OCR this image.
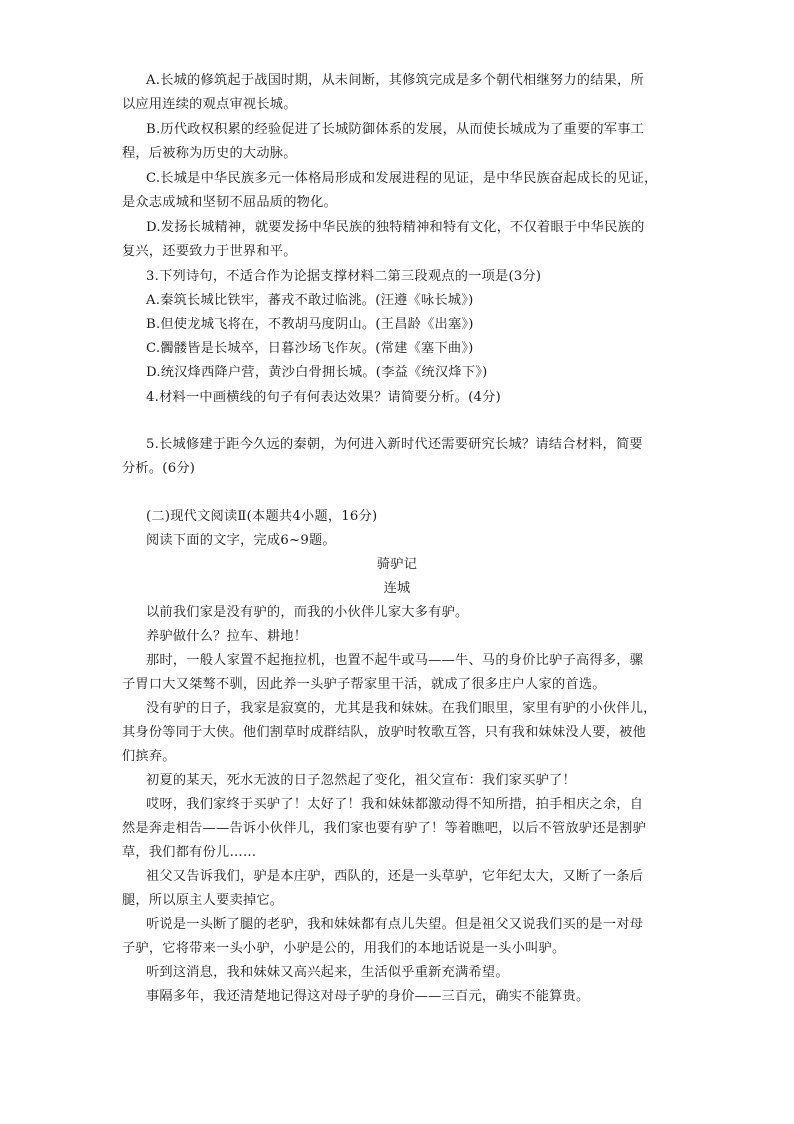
A.长城的修筑起于战国时期，从未间断，其修筑完成是多个朝代相继努力的结果，所
以应用连续的观点审视长城。
B.历代政权积累的经验促进了长城防御体系的发展，从而使长城成为了重要的军事工
程，后被称为历史的大动脉。
C.长城是中华民族多元一体格局形成和发展进程的见证，是中华民族奋起成长的见证，
是众志成城和坚韧不屈品质的物化。
D.发扬长城精神，就要发扬中华民族的独特精神和特有文化，不仅着眼于中华民族的
复兴，还要致力于世界和平。
3.下列诗句，不适合作为论据支撑材料二第三段观点的一项是(3分)
A.秦筑长城比铁牢，蕃戎不敢过临洮。(汪遵《咏长城》)
B.但使龙城飞将在，不教胡马度阴山。(王昌龄《出塞》)
C.髑髅皆是长城卒，日暮沙场飞作灰。(常建《塞下曲》)
D.统汉烽西降户营，黄沙白骨拥长城。(李益《统汉烽下》)
4.材料一中画横线的句子有何表达效果？请简要分析。(4分)
5.长城修建于距今久远的秦朝，为何进入新时代还需要研究长城？请结合材料，简要
分析。(6分)
(二)现代文阅读Ⅱ(本题共4小题，16分)
阅读下面的文字，完成6~9题。
骑驴记
连城
以前我们家是没有驴的，而我的小伙伴儿家大多有驴。
养驴做什么？拉车、耕地！
那时，一般人家置不起拖拉机，也置不起牛或马——牛、马的身价比驴子高得多，骡
子胃口大又桀骜不驯，因此养一头驴子帮家里干活，就成了很多庄户人家的首选。
没有驴的日子，我家是寂寞的，尤其是我和妹妹。在我们眼里，家里有驴的小伙伴儿，
其身份等同于大侠。他们割草时成群结队，放驴时牧歌互答，只有我和妹妹没人要，被他
们摈弃。
初夏的某天，死水无波的日子忽然起了变化，祖父宣布：我们家买驴了！
哎呀，我们家终于买驴了！太好了！我和妹妹都激动得不知所措，拍手相庆之余，自
然是奔走相告——告诉小伙伴儿，我们家也要有驴了！等着瞧吧，以后不管放驴还是割驴
草，我们都有份儿……
祖父又告诉我们，驴是本庄驴，西队的，还是一头草驴，它年纪太大，又断了一条后
腿，所以原主人要卖掉它。
听说是一头断了腿的老驴，我和妹妹都有点儿失望。但是祖父又说我们买的是一对母
子驴，它将带来一头小驴，小驴是公的，用我们的本地话说是一头小叫驴。
听到这消息，我和妹妹又高兴起来，生活似乎重新充满希望。
事隔多年，我还清楚地记得这对母子驴的身价——三百元，确实不能算贵。
